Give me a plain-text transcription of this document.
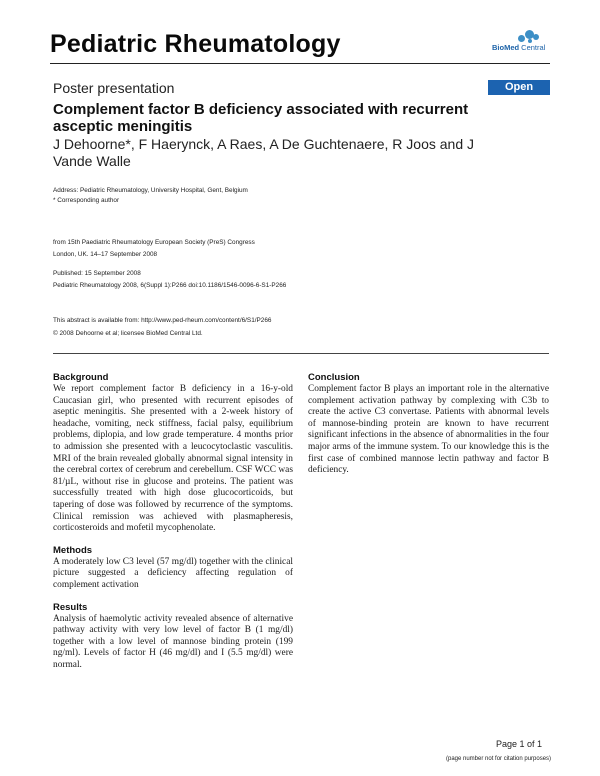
Pediatric Rheumatology	BioMed Central
Poster presentation	Open Access
Complement factor B deficiency associated with recurrent asceptic meningitis
J Dehoorne*, F Haerynck, A Raes, A De Guchtenaere, R Joos and J Vande Walle
Address: Pediatric Rheumatology, University Hospital, Gent, Belgium
* Corresponding author
from 15th Paediatric Rheumatology European Society (PreS) Congress
London, UK. 14–17 September 2008
Published: 15 September 2008
Pediatric Rheumatology 2008, 6(Suppl 1):P266 doi:10.1186/1546-0096-6-S1-P266
This abstract is available from: http://www.ped-rheum.com/content/6/S1/P266
© 2008 Dehoorne et al; licensee BioMed Central Ltd.
Background

We report complement factor B deficiency in a 16-y-old Caucasian girl, who presented with recurrent episodes of aseptic meningitis. She presented with a 2-week history of headache, vomiting, neck stiffness, facial palsy, equilibrium problems, diplopia, and low grade temperature. 4 months prior to admission she presented with a leucocytoclastic vasculitis. MRI of the brain revealed globally abnormal signal intensity in the cerebral cortex of cerebrum and cerebellum. CSF WCC was 81/µL, without rise in glucose and proteins. The patient was successfully treated with high dose glucocorticoids, but tapering of dose was followed by recurrence of the symptoms. Clinical remission was achieved with plasmapheresis, corticosteroids and mofetil mycophenolate.

Methods

A moderately low C3 level (57 mg/dl) together with the clinical picture suggested a deficiency affecting regulation of complement activation

Results

Analysis of haemolytic activity revealed absence of alternative pathway activity with very low level of factor B (1 mg/dl) together with a low level of mannose binding protein (199 ng/ml). Levels of factor H (46 mg/dl) and I (5.5 mg/dl) were normal.

Conclusion

Complement factor B plays an important role in the alternative complement activation pathway by complexing with C3b to create the active C3 convertase. Patients with abnormal levels of mannose-binding protein are known to have recurrent significant infections in the absence of abnormalities in the four major arms of the immune system. To our knowledge this is the first case of combined mannose lectin pathway and factor B deficiency.

Page 1 of 1
(page number not for citation purposes)
